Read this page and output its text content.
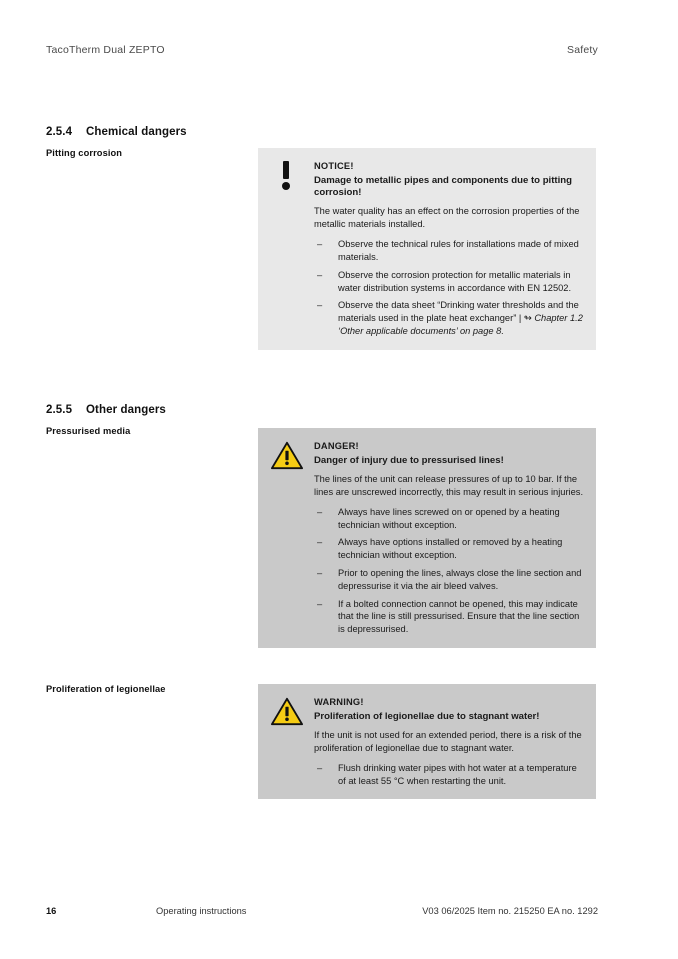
TacoTherm Dual ZEPTO	Safety
2.5.4 Chemical dangers
Pitting corrosion
NOTICE!
Damage to metallic pipes and components due to pitting corrosion!
The water quality has an effect on the corrosion properties of the metallic materials installed.
– Observe the technical rules for installations made of mixed materials.
– Observe the corrosion protection for metallic materials in water distribution systems in accordance with EN 12502.
– Observe the data sheet “Drinking water thresholds and the materials used in the plate heat exchanger” | ↬ Chapter 1.2 ‘Other applicable documents’ on page 8.
2.5.5 Other dangers
Pressurised media
DANGER!
Danger of injury due to pressurised lines!
The lines of the unit can release pressures of up to 10 bar. If the lines are unscrewed incorrectly, this may result in serious injuries.
– Always have lines screwed on or opened by a heating technician without exception.
– Always have options installed or removed by a heating technician without exception.
– Prior to opening the lines, always close the line section and depressurise it via the air bleed valves.
– If a bolted connection cannot be opened, this may indicate that the line is still pressurised. Ensure that the line section is depressurised.
Proliferation of legionellae
WARNING!
Proliferation of legionellae due to stagnant water!
If the unit is not used for an extended period, there is a risk of the proliferation of legionellae due to stagnant water.
– Flush drinking water pipes with hot water at a temperature of at least 55 °C when restarting the unit.
16	Operating instructions	V03 06/2025 Item no. 215250 EA no. 1292
